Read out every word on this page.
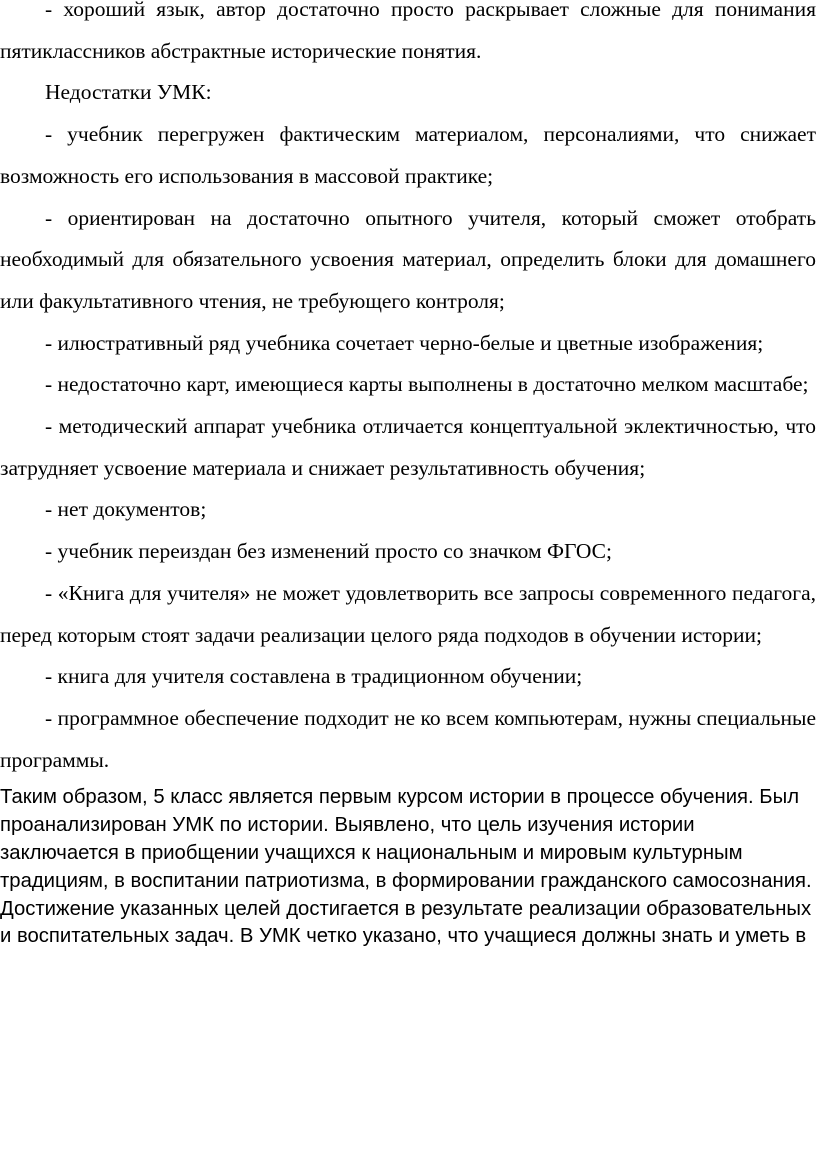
- хороший язык, автор достаточно просто раскрывает сложные для понимания пятиклассников абстрактные исторические понятия.

Недостатки УМК:

- учебник перегружен фактическим материалом, персоналиями, что снижает возможность его использования в массовой практике;

- ориентирован на достаточно опытного учителя, который сможет отобрать необходимый для обязательного усвоения материал, определить блоки для домашнего или факультативного чтения, не требующего контроля;

- илюстративный ряд учебника сочетает черно-белые и цветные изображения;

- недостаточно карт, имеющиеся карты выполнены в достаточно мелком масштабе;

- методический аппарат учебника отличается концептуальной эклектичностью, что затрудняет усвоение материала и снижает результативность обучения;

- нет документов;

- учебник переиздан без изменений просто со значком ФГОС;

- «Книга для учителя» не может удовлетворить все запросы современного педагога, перед которым стоят задачи реализации целого ряда подходов в обучении истории;

- книга для учителя составлена в традиционном обучении;

- программное обеспечение подходит не ко всем компьютерам, нужны специальные программы.

Таким образом, 5 класс является первым курсом истории в процессе обучения. Был проанализирован УМК по истории. Выявлено, что цель изучения истории заключается в приобщении учащихся к национальным и мировым культурным традициям, в воспитании патриотизма, в формировании гражданского самосознания. Достижение указанных целей достигается в результате реализации образовательных и воспитательных задач. В УМК четко указано, что учащиеся должны знать и уметь в
